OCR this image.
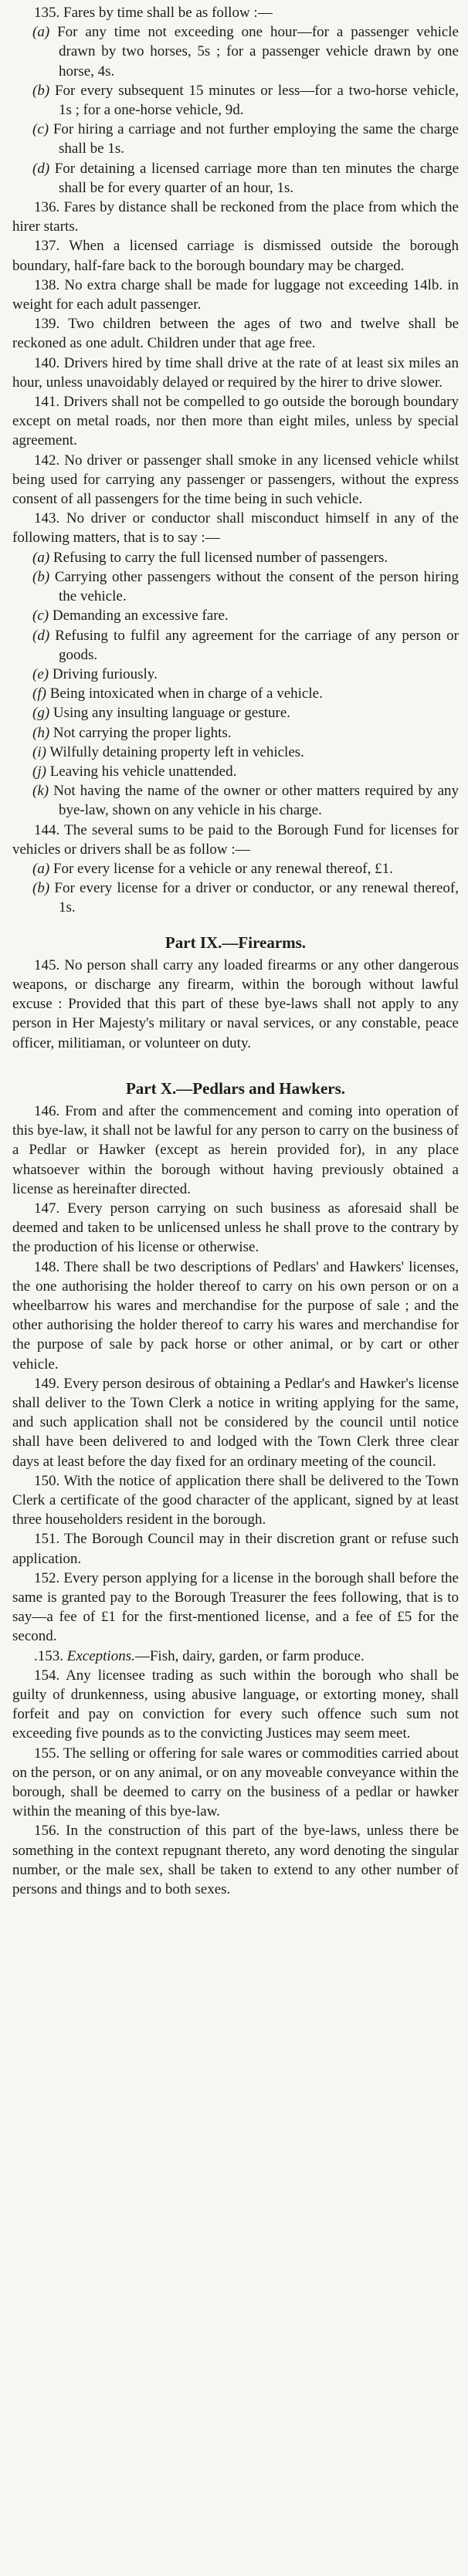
135. Fares by time shall be as follow :—

(a) For any time not exceeding one hour—for a passenger vehicle drawn by two horses, 5s ; for a passenger vehicle drawn by one horse, 4s.

(b) For every subsequent 15 minutes or less—for a two-horse vehicle, 1s ; for a one-horse vehicle, 9d.

(c) For hiring a carriage and not further employing the same the charge shall be 1s.

(d) For detaining a licensed carriage more than ten minutes the charge shall be for every quarter of an hour, 1s.

136. Fares by distance shall be reckoned from the place from which the hirer starts.

137. When a licensed carriage is dismissed outside the borough boundary, half-fare back to the borough boundary may be charged.

138. No extra charge shall be made for luggage not exceeding 14lb. in weight for each adult passenger.

139. Two children between the ages of two and twelve shall be reckoned as one adult. Children under that age free.

140. Drivers hired by time shall drive at the rate of at least six miles an hour, unless unavoidably delayed or required by the hirer to drive slower.

141. Drivers shall not be compelled to go outside the borough boundary except on metal roads, nor then more than eight miles, unless by special agreement.

142. No driver or passenger shall smoke in any licensed vehicle whilst being used for carrying any passenger or passengers, without the express consent of all passengers for the time being in such vehicle.

143. No driver or conductor shall misconduct himself in any of the following matters, that is to say :—

(a) Refusing to carry the full licensed number of passengers.

(b) Carrying other passengers without the consent of the person hiring the vehicle.

(c) Demanding an excessive fare.

(d) Refusing to fulfil any agreement for the carriage of any person or goods.

(e) Driving furiously.

(f) Being intoxicated when in charge of a vehicle.

(g) Using any insulting language or gesture.

(h) Not carrying the proper lights.

(i) Wilfully detaining property left in vehicles.

(j) Leaving his vehicle unattended.

(k) Not having the name of the owner or other matters required by any bye-law, shown on any vehicle in his charge.

144. The several sums to be paid to the Borough Fund for licenses for vehicles or drivers shall be as follow :—

(a) For every license for a vehicle or any renewal thereof, £1.

(b) For every license for a driver or conductor, or any renewal thereof, 1s.

Part IX.—Firearms.

145. No person shall carry any loaded firearms or any other dangerous weapons, or discharge any firearm, within the borough without lawful excuse : Provided that this part of these bye-laws shall not apply to any person in Her Majesty's military or naval services, or any constable, peace officer, militiaman, or volunteer on duty.

Part X.—Pedlars and Hawkers.

146. From and after the commencement and coming into operation of this bye-law, it shall not be lawful for any person to carry on the business of a Pedlar or Hawker (except as herein provided for), in any place whatsoever within the borough without having previously obtained a license as hereinafter directed.

147. Every person carrying on such business as aforesaid shall be deemed and taken to be unlicensed unless he shall prove to the contrary by the production of his license or otherwise.

148. There shall be two descriptions of Pedlars' and Hawkers' licenses, the one authorising the holder thereof to carry on his own person or on a wheelbarrow his wares and merchandise for the purpose of sale ; and the other authorising the holder thereof to carry his wares and merchandise for the purpose of sale by pack horse or other animal, or by cart or other vehicle.

149. Every person desirous of obtaining a Pedlar's and Hawker's license shall deliver to the Town Clerk a notice in writing applying for the same, and such application shall not be considered by the council until notice shall have been delivered to and lodged with the Town Clerk three clear days at least before the day fixed for an ordinary meeting of the council.

150. With the notice of application there shall be delivered to the Town Clerk a certificate of the good character of the applicant, signed by at least three householders resident in the borough.

151. The Borough Council may in their discretion grant or refuse such application.

152. Every person applying for a license in the borough shall before the same is granted pay to the Borough Treasurer the fees following, that is to say—a fee of £1 for the first-mentioned license, and a fee of £5 for the second.

.153. Exceptions.—Fish, dairy, garden, or farm produce.

154. Any licensee trading as such within the borough who shall be guilty of drunkenness, using abusive language, or extorting money, shall forfeit and pay on conviction for every such offence such sum not exceeding five pounds as to the convicting Justices may seem meet.

155. The selling or offering for sale wares or commodities carried about on the person, or on any animal, or on any moveable conveyance within the borough, shall be deemed to carry on the business of a pedlar or hawker within the meaning of this bye-law.

156. In the construction of this part of the bye-laws, unless there be something in the context repugnant thereto, any word denoting the singular number, or the male sex, shall be taken to extend to any other number of persons and things and to both sexes.
